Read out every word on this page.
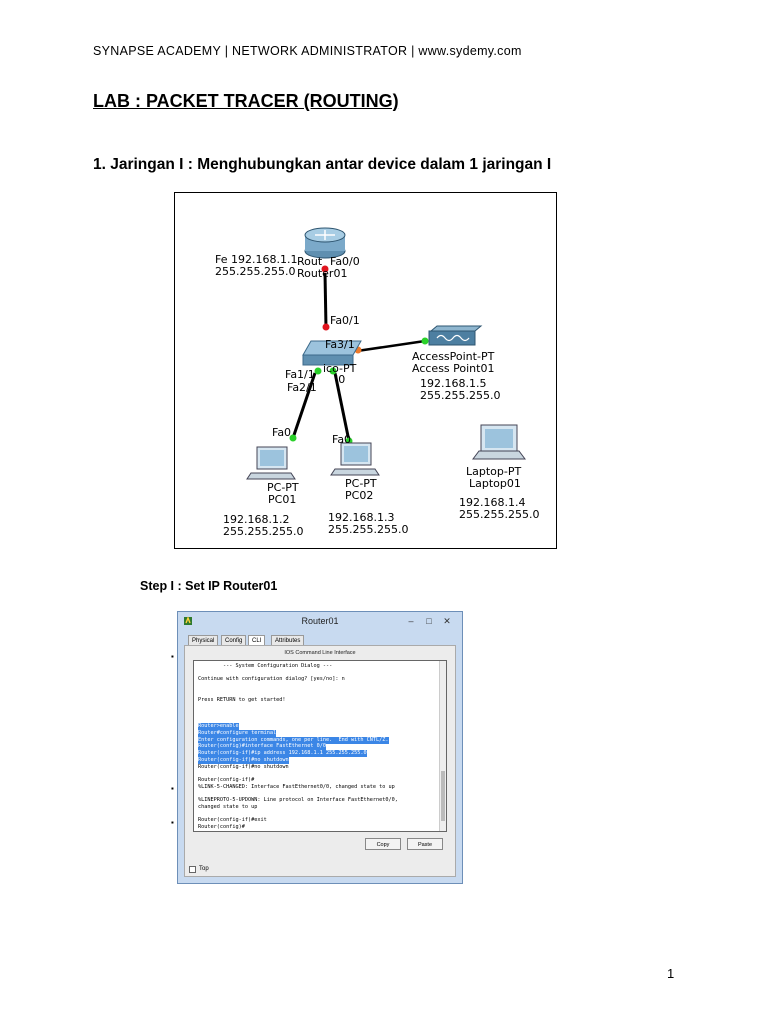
SYNAPSE ACADEMY | NETWORK ADMINISTRATOR | www.sydemy.com
LAB : PACKET TRACER (ROUTING)
1. Jaringan I : Menghubungkan antar device dalam 1 jaringan I
Fe 192.168.1.1
255.255.255.0
Rout Fa0/0
Router01
Fa0/1
Fa3/1
ico-PT
Fa1/1 I0
Fa2/1
AccessPoint-PT
Access Point01
192.168.1.5
255.255.255.0
Fa0
PC-PT
PC01
192.168.1.2
255.255.255.0
Fa0
PC-PT
PC02
192.168.1.3
255.255.255.0
Laptop-PT
Laptop01
192.168.1.4
255.255.255.0
Step I : Set IP Router01
▪
▪
▪
Router01	–	□	✕
Physical	Config	CLI	Attributes
IOS Command Line Interface
--- System Configuration Dialog ---
Continue with configuration dialog? [yes/no]: n
Press RETURN to get started!
Router>enable
Router#configure terminal
Enter configuration commands, one per line.  End with CNTL/Z.
Router(config)#interface FastEthernet 0/0
Router(config-if)#ip address 192.168.1.1 255.255.255.0
Router(config-if)#no shutdown
Router(config-if)#no shutdown
Router(config-if)#
%LINK-5-CHANGED: Interface FastEthernet0/0, changed state to up
%LINEPROTO-5-UPDOWN: Line protocol on Interface FastEthernet0/0,
changed state to up
Router(config-if)#exit
Router(config)#
Copy	Paste
Top
1
